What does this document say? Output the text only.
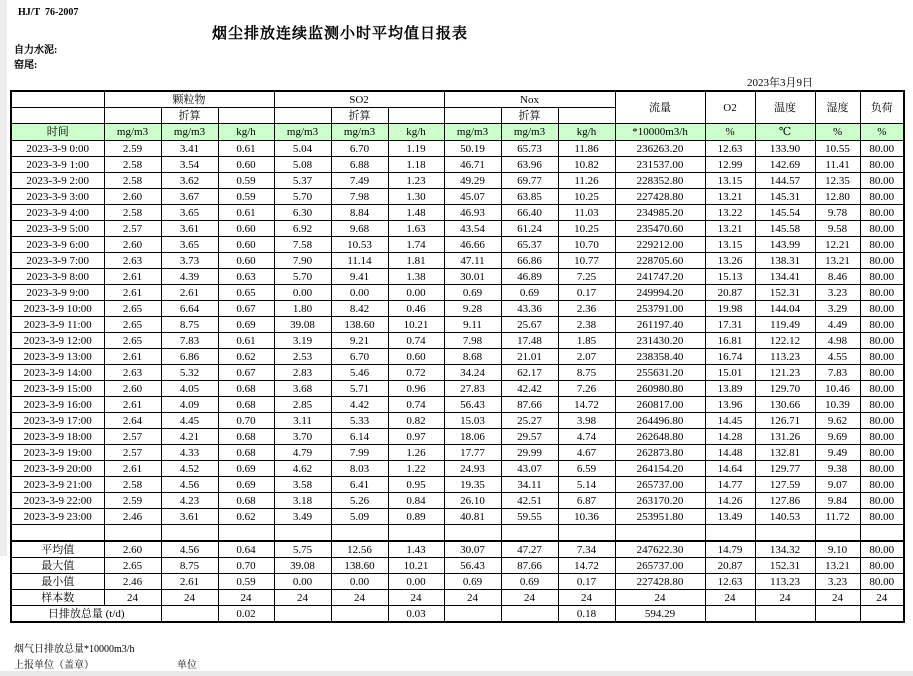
HJ/T  76-2007
烟尘排放连续监测小时平均值日报表
自力水泥:
窑尾:
2023年3月9日
	颗粒物			SO2			Nox			流量	O2	温度	湿度	负荷
		折算			折算			折算						
时间	mg/m3	mg/m3	kg/h	mg/m3	mg/m3	kg/h	mg/m3	mg/m3	kg/h	*10000m3/h	%	℃	%	%
2023-3-9 0:00	2.59	3.41	0.61	5.04	6.70	1.19	50.19	65.73	11.86	236263.20	12.63	133.90	10.55	80.00
2023-3-9 1:00	2.58	3.54	0.60	5.08	6.88	1.18	46.71	63.96	10.82	231537.00	12.99	142.69	11.41	80.00
2023-3-9 2:00	2.58	3.62	0.59	5.37	7.49	1.23	49.29	69.77	11.26	228352.80	13.15	144.57	12.35	80.00
2023-3-9 3:00	2.60	3.67	0.59	5.70	7.98	1.30	45.07	63.85	10.25	227428.80	13.21	145.31	12.80	80.00
2023-3-9 4:00	2.58	3.65	0.61	6.30	8.84	1.48	46.93	66.40	11.03	234985.20	13.22	145.54	9.78	80.00
2023-3-9 5:00	2.57	3.61	0.60	6.92	9.68	1.63	43.54	61.24	10.25	235470.60	13.21	145.58	9.58	80.00
2023-3-9 6:00	2.60	3.65	0.60	7.58	10.53	1.74	46.66	65.37	10.70	229212.00	13.15	143.99	12.21	80.00
2023-3-9 7:00	2.63	3.73	0.60	7.90	11.14	1.81	47.11	66.86	10.77	228705.60	13.26	138.31	13.21	80.00
2023-3-9 8:00	2.61	4.39	0.63	5.70	9.41	1.38	30.01	46.89	7.25	241747.20	15.13	134.41	8.46	80.00
2023-3-9 9:00	2.61	2.61	0.65	0.00	0.00	0.00	0.69	0.69	0.17	249994.20	20.87	152.31	3.23	80.00
2023-3-9 10:00	2.65	6.64	0.67	1.80	8.42	0.46	9.28	43.36	2.36	253791.00	19.98	144.04	3.29	80.00
2023-3-9 11:00	2.65	8.75	0.69	39.08	138.60	10.21	9.11	25.67	2.38	261197.40	17.31	119.49	4.49	80.00
2023-3-9 12:00	2.65	7.83	0.61	3.19	9.21	0.74	7.98	17.48	1.85	231430.20	16.81	122.12	4.98	80.00
2023-3-9 13:00	2.61	6.86	0.62	2.53	6.70	0.60	8.68	21.01	2.07	238358.40	16.74	113.23	4.55	80.00
2023-3-9 14:00	2.63	5.32	0.67	2.83	5.46	0.72	34.24	62.17	8.75	255631.20	15.01	121.23	7.83	80.00
2023-3-9 15:00	2.60	4.05	0.68	3.68	5.71	0.96	27.83	42.42	7.26	260980.80	13.89	129.70	10.46	80.00
2023-3-9 16:00	2.61	4.09	0.68	2.85	4.42	0.74	56.43	87.66	14.72	260817.00	13.96	130.66	10.39	80.00
2023-3-9 17:00	2.64	4.45	0.70	3.11	5.33	0.82	15.03	25.27	3.98	264496.80	14.45	126.71	9.62	80.00
2023-3-9 18:00	2.57	4.21	0.68	3.70	6.14	0.97	18.06	29.57	4.74	262648.80	14.28	131.26	9.69	80.00
2023-3-9 19:00	2.57	4.33	0.68	4.79	7.99	1.26	17.77	29.99	4.67	262873.80	14.48	132.81	9.49	80.00
2023-3-9 20:00	2.61	4.52	0.69	4.62	8.03	1.22	24.93	43.07	6.59	264154.20	14.64	129.77	9.38	80.00
2023-3-9 21:00	2.58	4.56	0.69	3.58	6.41	0.95	19.35	34.11	5.14	265737.00	14.77	127.59	9.07	80.00
2023-3-9 22:00	2.59	4.23	0.68	3.18	5.26	0.84	26.10	42.51	6.87	263170.20	14.26	127.86	9.84	80.00
2023-3-9 23:00	2.46	3.61	0.62	3.49	5.09	0.89	40.81	59.55	10.36	253951.80	13.49	140.53	11.72	80.00

平均值	2.60	4.56	0.64	5.75	12.56	1.43	30.07	47.27	7.34	247622.30	14.79	134.32	9.10	80.00
最大值	2.65	8.75	0.70	39.08	138.60	10.21	56.43	87.66	14.72	265737.00	20.87	152.31	13.21	80.00
最小值	2.46	2.61	0.59	0.00	0.00	0.00	0.69	0.69	0.17	227428.80	12.63	113.23	3.23	80.00
样本数	24	24	24	24	24	24	24	24	24	24	24	24	24	24
日排放总量 (t/d)			0.02			0.03			0.18	594.29				
烟气日排放总量*10000m3/h
上报单位（盖章）	单位
